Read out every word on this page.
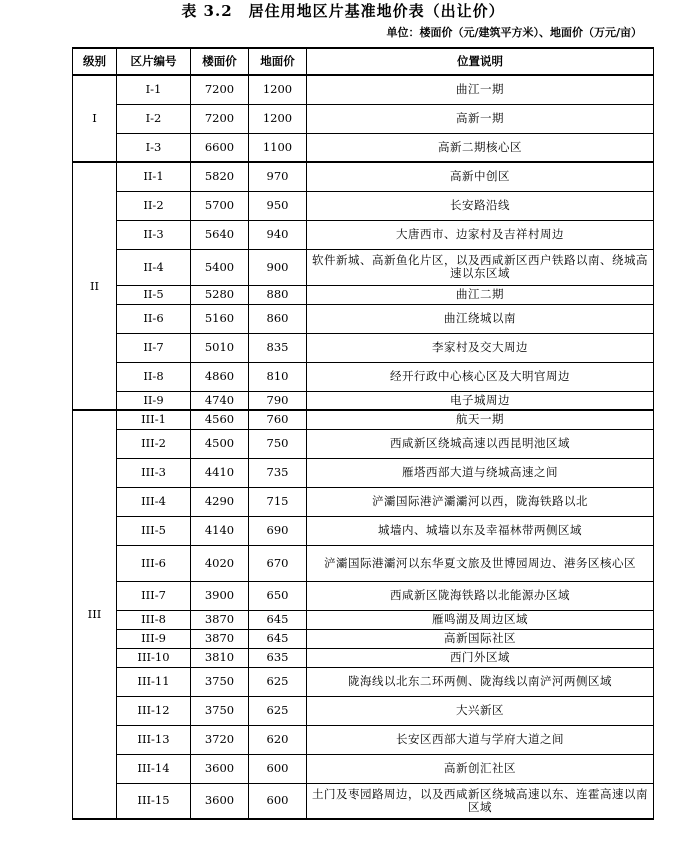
表 3.2　居住用地区片基准地价表（出让价）
单位：楼面价（元/建筑平方米）、地面价（万元/亩）
级别	区片编号	楼面价	地面价	位置说明
I	I-1	7200	1200	曲江一期
	I-2	7200	1200	高新一期
	I-3	6600	1100	高新二期核心区
II	II-1	5820	970	高新中创区
	II-2	5700	950	长安路沿线
	II-3	5640	940	大唐西市、边家村及吉祥村周边
	II-4	5400	900	软件新城、高新鱼化片区，以及西咸新区西户铁路以南、绕城高速以东区域
	II-5	5280	880	曲江二期
	II-6	5160	860	曲江绕城以南
	II-7	5010	835	李家村及交大周边
	II-8	4860	810	经开行政中心核心区及大明官周边
	II-9	4740	790	电子城周边
III	III-1	4560	760	航天一期
	III-2	4500	750	西咸新区绕城高速以西昆明池区域
	III-3	4410	735	雁塔西部大道与绕城高速之间
	III-4	4290	715	浐灞国际港浐灞灞河以西，陇海铁路以北
	III-5	4140	690	城墙内、城墙以东及幸福林带两侧区域
	III-6	4020	670	浐灞国际港灞河以东华夏文旅及世博园周边、港务区核心区
	III-7	3900	650	西咸新区陇海铁路以北能源办区域
	III-8	3870	645	雁鸣湖及周边区域
	III-9	3870	645	高新国际社区
	III-10	3810	635	西门外区域
	III-11	3750	625	陇海线以北东二环两侧、陇海线以南浐河两侧区域
	III-12	3750	625	大兴新区
	III-13	3720	620	长安区西部大道与学府大道之间
	III-14	3600	600	高新创汇社区
	III-15	3600	600	土门及枣园路周边，以及西咸新区绕城高速以东、连霍高速以南区域
